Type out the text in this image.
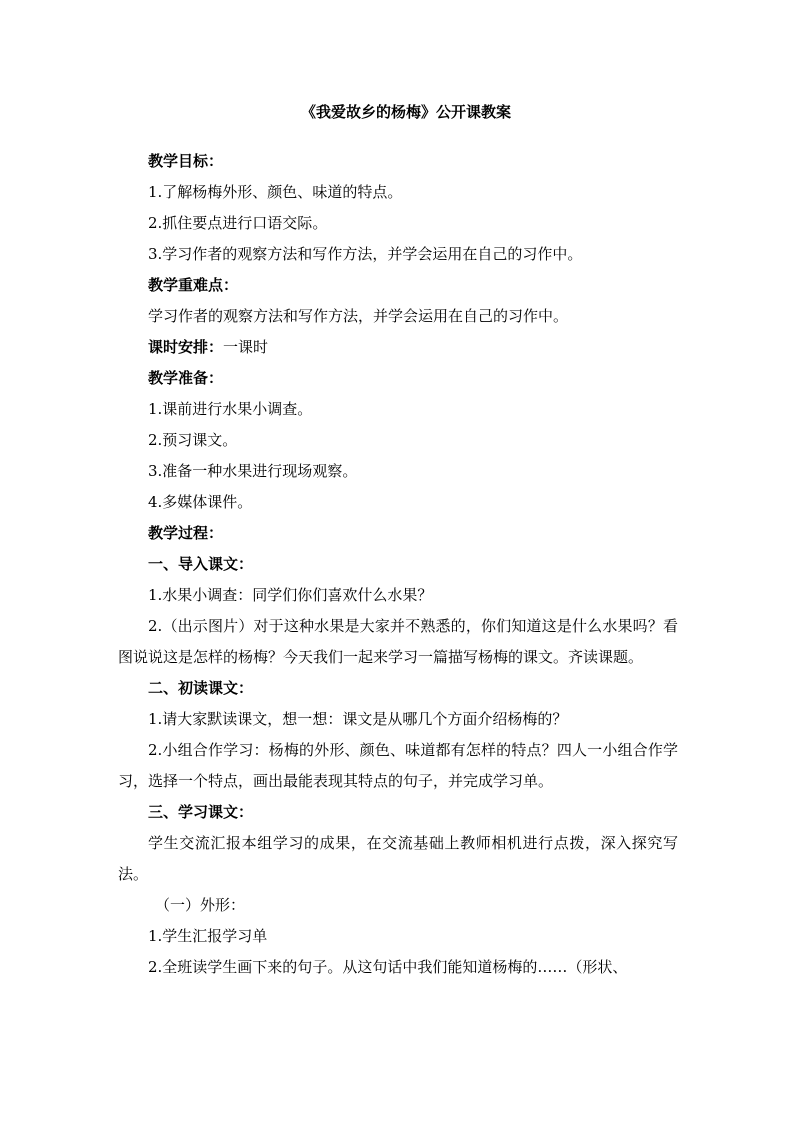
《我爱故乡的杨梅》公开课教案
教学目标：
1.了解杨梅外形、颜色、味道的特点。
2.抓住要点进行口语交际。
3.学习作者的观察方法和写作方法，并学会运用在自己的习作中。
教学重难点：
学习作者的观察方法和写作方法，并学会运用在自己的习作中。
课时安排：一课时
教学准备：
1.课前进行水果小调查。
2.预习课文。
3.准备一种水果进行现场观察。
4.多媒体课件。
教学过程：
一、导入课文：
1.水果小调查：同学们你们喜欢什么水果？
2.（出示图片）对于这种水果是大家并不熟悉的，你们知道这是什么水果吗？看图说说这是怎样的杨梅？今天我们一起来学习一篇描写杨梅的课文。齐读课题。
二、初读课文：
1.请大家默读课文，想一想：课文是从哪几个方面介绍杨梅的？
2.小组合作学习：杨梅的外形、颜色、味道都有怎样的特点？四人一小组合作学习，选择一个特点，画出最能表现其特点的句子，并完成学习单。
三、学习课文：
学生交流汇报本组学习的成果，在交流基础上教师相机进行点拨，深入探究写法。
（一）外形：
1.学生汇报学习单
2.全班读学生画下来的句子。从这句话中我们能知道杨梅的……（形状、
